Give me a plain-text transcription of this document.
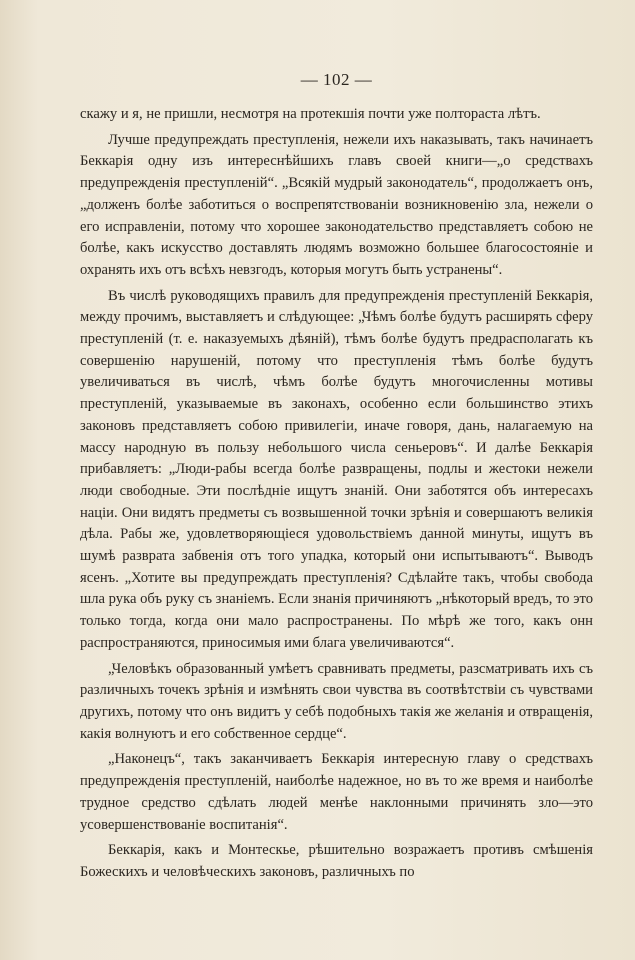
— 102 —

скажу и я, не пришли, несмотря на протекшія почти уже полтораста лѣтъ.

Лучше предупреждать преступленія, нежели ихъ наказывать, такъ начинаетъ Беккарія одну изъ интереснѣйшихъ главъ своей книги—„о средствахъ предупрежденія преступленій“. „Всякій мудрый законодатель“, продолжаетъ онъ, „долженъ болѣе заботиться о воспрепятствованіи возникновенію зла, нежели о его исправленіи, потому что хорошее законодательство представляетъ собою не болѣе, какъ искусство доставлять людямъ возможно большее благосостояніе и охранять ихъ отъ всѣхъ невзгодъ, которыя могутъ быть устранены“.

Въ числѣ руководящихъ правилъ для предупрежденія преступленій Беккарія, между прочимъ, выставляетъ и слѣдующее: „Чѣмъ болѣе будутъ расширять сферу преступленій (т. е. наказуемыхъ дѣяній), тѣмъ болѣе будутъ предрасполагать къ совершенію нарушеній, потому что преступленія тѣмъ болѣе будутъ увеличиваться въ числѣ, чѣмъ болѣе будутъ многочисленны мотивы преступленій, указываемые въ законахъ, особенно если большинство этихъ законовъ представляетъ собою привилегіи, иначе говоря, дань, налагаемую на массу народную въ пользу небольшого числа сеньеровъ“. И далѣе Беккарія прибавляетъ: „Люди-рабы всегда болѣе развращены, подлы и жестоки нежели люди свободные. Эти послѣдніе ищутъ знаній. Они заботятся объ интересахъ націи. Они видятъ предметы съ возвышенной точки зрѣнія и совершаютъ великія дѣла. Рабы же, удовлетворяющіеся удовольствіемъ данной минуты, ищутъ въ шумѣ разврата забвенія отъ того упадка, который они испытываютъ“. Выводъ ясенъ. „Хотите вы предупреждать преступленія? Сдѣлайте такъ, чтобы свобода шла рука объ руку съ знаніемъ. Если знанія причиняютъ „нѣкоторый вредъ, то это только тогда, когда они мало распространены. По мѣрѣ же того, какъ онн распространяются, приносимыя ими блага увеличиваются“.

„Человѣкъ образованный умѣетъ сравнивать предметы, разсматривать ихъ съ различныхъ точекъ зрѣнія и измѣнять свои чувства въ соотвѣтствіи съ чувствами другихъ, потому что онъ видитъ у себѣ подобныхъ такія же желанія и отвращенія, какія волнуютъ и его собственное сердце“.

„Наконецъ“, такъ заканчиваетъ Беккарія интересную главу о средствахъ предупрежденія преступленій, наиболѣе надежное, но въ то же время и наиболѣе трудное средство сдѣлать людей менѣе наклонными причинять зло—это усовершенствованіе воспитанія“.

Беккарія, какъ и Монтескье, рѣшительно возражаетъ противъ смѣшенія Божескихъ и человѣческихъ законовъ, различныхъ по
